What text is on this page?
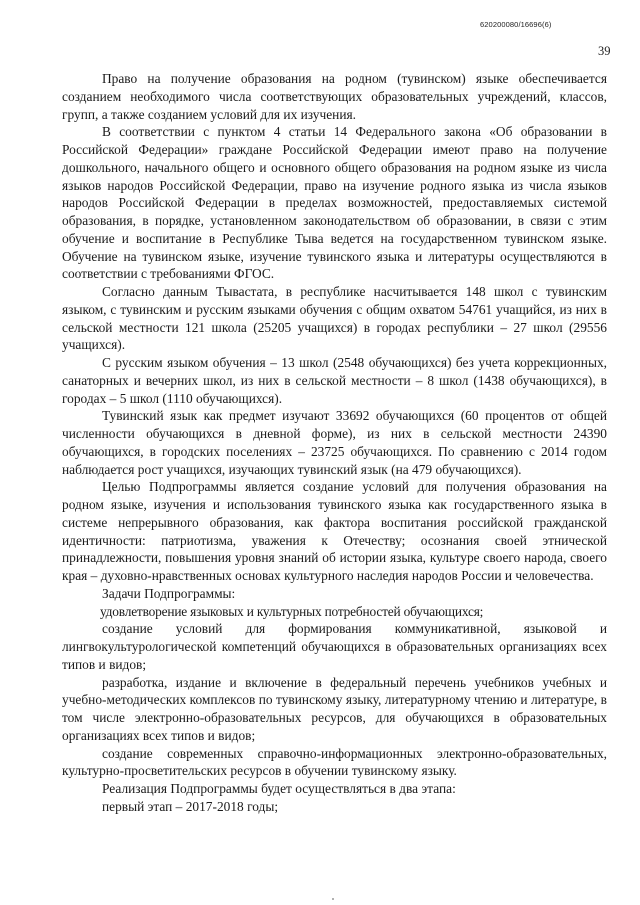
620200080/16696(6)
39

Право на получение образования на родном (тувинском) языке обеспечивается созданием необходимого числа соответствующих образовательных учреждений, классов, групп, а также созданием условий для их изучения.

В соответствии с пунктом 4 статьи 14 Федерального закона «Об образовании в Российской Федерации» граждане Российской Федерации имеют право на получение дошкольного, начального общего и основного общего образования на родном языке из числа языков народов Российской Федерации, право на изучение родного языка из числа языков народов Российской Федерации в пределах возможностей, предоставляемых системой образования, в порядке, установленном законодательством об образовании, в связи с этим обучение и воспитание в Республике Тыва ведется на государственном тувинском языке. Обучение на тувинском языке, изучение тувинского языка и литературы осуществляются в соответствии с требованиями ФГОС.

Согласно данным Тывастата, в республике насчитывается 148 школ с тувинским языком, с тувинским и русским языками обучения с общим охватом 54761 учащийся, из них в сельской местности 121 школа (25205 учащихся) в городах республики – 27 школ (29556 учащихся).

С русским языком обучения – 13 школ (2548 обучающихся) без учета коррекционных, санаторных и вечерних школ, из них в сельской местности – 8 школ (1438 обучающихся), в городах – 5 школ (1110 обучающихся).

Тувинский язык как предмет изучают 33692 обучающихся (60 процентов от общей численности обучающихся в дневной форме), из них в сельской местности 24390 обучающихся, в городских поселениях – 23725 обучающихся. По сравнению с 2014 годом наблюдается рост учащихся, изучающих тувинский язык (на 479 обучающихся).

Целью Подпрограммы является создание условий для получения образования на родном языке, изучения и использования тувинского языка как государственного языка в системе непрерывного образования, как фактора воспитания российской гражданской идентичности: патриотизма, уважения к Отечеству; осознания своей этнической принадлежности, повышения уровня знаний об истории языка, культуре своего народа, своего края – духовно-нравственных основах культурного наследия народов России и человечества.

Задачи Подпрограммы:

удовлетворение языковых и культурных потребностей обучающихся;

создание условий для формирования коммуникативной, языковой и лингвокультурологической компетенций обучающихся в образовательных организациях всех типов и видов;

разработка, издание и включение в федеральный перечень учебников учебных и учебно-методических комплексов по тувинскому языку, литературному чтению и литературе, в том числе электронно-образовательных ресурсов, для обучающихся в образовательных организациях всех типов и видов;

создание современных справочно-информационных электронно-образовательных, культурно-просветительских ресурсов в обучении тувинскому языку.

Реализация Подпрограммы будет осуществляться в два этапа:

первый этап – 2017-2018 годы;
